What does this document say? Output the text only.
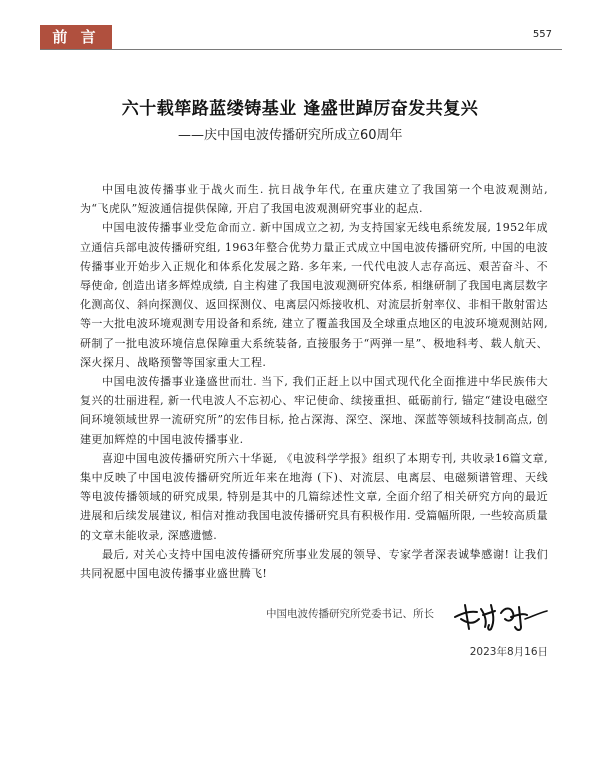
前 言	557
六十载筚路蓝缕铸基业 逢盛世踔厉奋发共复兴
——庆中国电波传播研究所成立60周年

中国电波传播事业于战火而生. 抗日战争年代, 在重庆建立了我国第一个电波观测站, 为“飞虎队”短波通信提供保障, 开启了我国电波观测研究事业的起点.

中国电波传播事业受危命而立. 新中国成立之初, 为支持国家无线电系统发展, 1952年成立通信兵部电波传播研究组, 1963年整合优势力量正式成立中国电波传播研究所, 中国的电波传播事业开始步入正规化和体系化发展之路. 多年来, 一代代电波人志存高远、艰苦奋斗、不辱使命, 创造出诸多辉煌成绩, 自主构建了我国电波观测研究体系, 相继研制了我国电离层数字化测高仪、斜向探测仪、返回探测仪、电离层闪烁接收机、对流层折射率仪、非相干散射雷达等一大批电波环境观测专用设备和系统, 建立了覆盖我国及全球重点地区的电波环境观测站网, 研制了一批电波环境信息保障重大系统装备, 直接服务于“两弹一星”、极地科考、载人航天、深火探月、战略预警等国家重大工程.

中国电波传播事业逢盛世而壮. 当下, 我们正赶上以中国式现代化全面推进中华民族伟大复兴的壮丽进程, 新一代电波人不忘初心、牢记使命、续接重担、砥砺前行, 锚定“建设电磁空间环境领域世界一流研究所”的宏伟目标, 抢占深海、深空、深地、深蓝等领域科技制高点, 创建更加辉煌的中国电波传播事业.

喜迎中国电波传播研究所六十华诞, 《电波科学学报》组织了本期专刊, 共收录16篇文章, 集中反映了中国电波传播研究所近年来在地海 (下)、对流层、电离层、电磁频谱管理、天线等电波传播领域的研究成果, 特别是其中的几篇综述性文章, 全面介绍了相关研究方向的最近进展和后续发展建议, 相信对推动我国电波传播研究具有积极作用. 受篇幅所限, 一些较高质量的文章未能收录, 深感遗憾.

最后, 对关心支持中国电波传播研究所事业发展的领导、专家学者深表诚挚感谢! 让我们共同祝愿中国电波传播事业盛世腾飞!

中国电波传播研究所党委书记、所长
2023年8月16日
